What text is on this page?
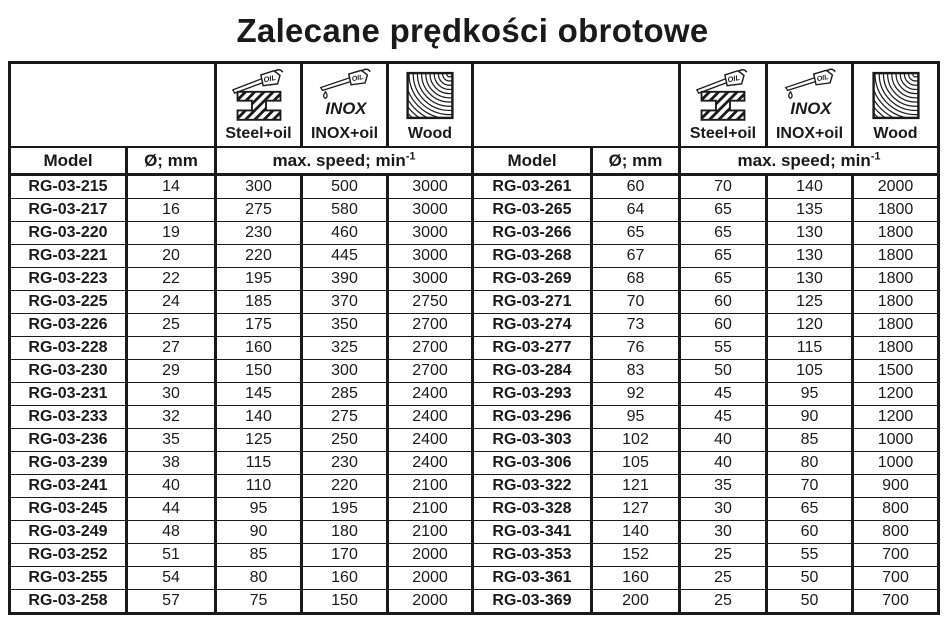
Zalecane prędkości obrotowe

		Steel+oil	INOX+oil	Wood			Steel+oil	INOX+oil	Wood

Model	Ø; mm	max. speed; $\min^{-1}$			Model	Ø; mm	max. speed; $\min^{-1}$
RG-03-215	14	300	500	3000	RG-03-261	60	70	140	2000
RG-03-217	16	275	580	3000	RG-03-265	64	65	135	1800
RG-03-220	19	230	460	3000	RG-03-266	65	65	130	1800
RG-03-221	20	220	445	3000	RG-03-268	67	65	130	1800
RG-03-223	22	195	390	3000	RG-03-269	68	65	130	1800
RG-03-225	24	185	370	2750	RG-03-271	70	60	125	1800
RG-03-226	25	175	350	2700	RG-03-274	73	60	120	1800
RG-03-228	27	160	325	2700	RG-03-277	76	55	115	1800
RG-03-230	29	150	300	2700	RG-03-284	83	50	105	1500
RG-03-231	30	145	285	2400	RG-03-293	92	45	95	1200
RG-03-233	32	140	275	2400	RG-03-296	95	45	90	1200
RG-03-236	35	125	250	2400	RG-03-303	102	40	85	1000
RG-03-239	38	115	230	2400	RG-03-306	105	40	80	1000
RG-03-241	40	110	220	2100	RG-03-322	121	35	70	900
RG-03-245	44	95	195	2100	RG-03-328	127	30	65	800
RG-03-249	48	90	180	2100	RG-03-341	140	30	60	800
RG-03-252	51	85	170	2000	RG-03-353	152	25	55	700
RG-03-255	54	80	160	2000	RG-03-361	160	25	50	700
RG-03-258	57	75	150	2000	RG-03-369	200	25	50	700
